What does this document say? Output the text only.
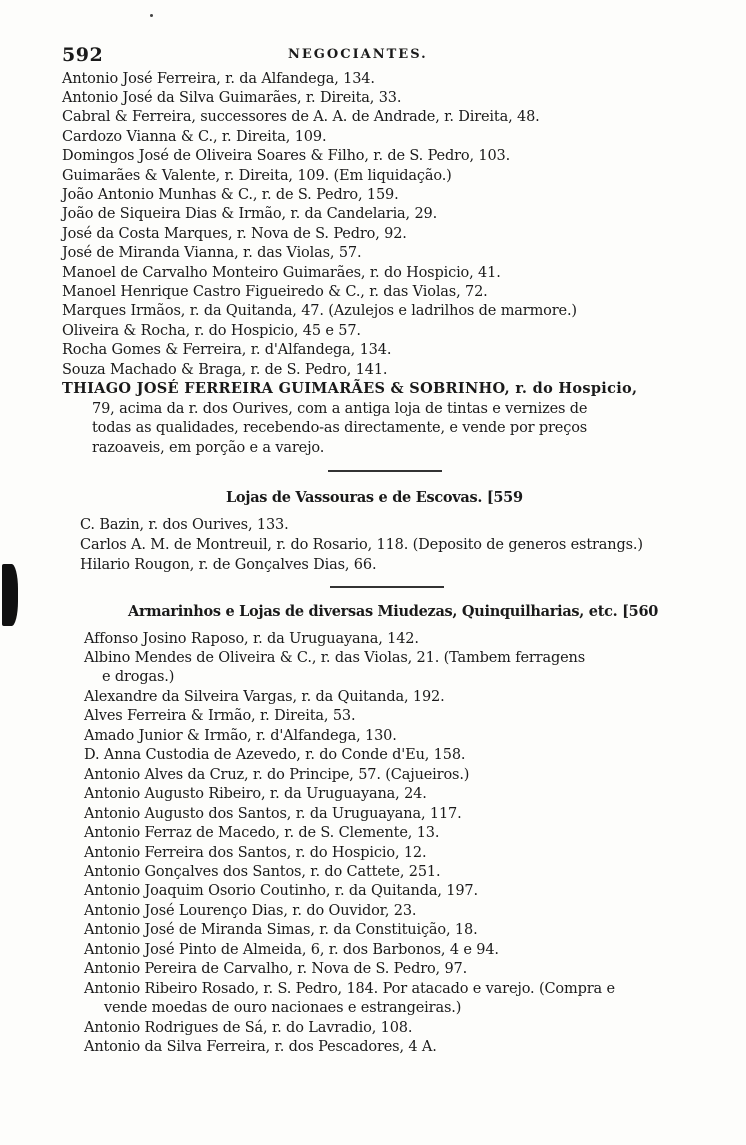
592	NEGOCIANTES.
Antonio José Ferreira, r. da Alfandega, 134.
Antonio José da Silva Guimarães, r. Direita, 33.
Cabral & Ferreira, successores de A. A. de Andrade, r. Direita, 48.
Cardozo Vianna & C., r. Direita, 109.
Domingos José de Oliveira Soares & Filho, r. de S. Pedro, 103.
Guimarães & Valente, r. Direita, 109. (Em liquidação.)
João Antonio Munhas & C., r. de S. Pedro, 159.
João de Siqueira Dias & Irmão, r. da Candelaria, 29.
José da Costa Marques, r. Nova de S. Pedro, 92.
José de Miranda Vianna, r. das Violas, 57.
Manoel de Carvalho Monteiro Guimarães, r. do Hospicio, 41.
Manoel Henrique Castro Figueiredo & C., r. das Violas, 72.
Marques Irmãos, r. da Quitanda, 47. (Azulejos e ladrilhos de marmore.)
Oliveira & Rocha, r. do Hospicio, 45 e 57.
Rocha Gomes & Ferreira, r. d'Alfandega, 134.
Souza Machado & Braga, r. de S. Pedro, 141.
THIAGO JOSÉ FERREIRA GUIMARÃES & SOBRINHO, r. do Hospicio,
79, acima da r. dos Ourives, com a antiga loja de tintas e vernizes de
todas as qualidades, recebendo-as directamente, e vende por preços
razoaveis, em porção e a varejo.
Lojas de Vassouras e de Escovas. [559
C. Bazin, r. dos Ourives, 133.
Carlos A. M. de Montreuil, r. do Rosario, 118. (Deposito de generos estrangs.)
Hilario Rougon, r. de Gonçalves Dias, 66.
Armarinhos e Lojas de diversas Miudezas, Quinquilharias, etc. [560
Affonso Josino Raposo, r. da Uruguayana, 142.
Albino Mendes de Oliveira & C., r. das Violas, 21. (Tambem ferragens
e drogas.)
Alexandre da Silveira Vargas, r. da Quitanda, 192.
Alves Ferreira & Irmão, r. Direita, 53.
Amado Junior & Irmão, r. d'Alfandega, 130.
D. Anna Custodia de Azevedo, r. do Conde d'Eu, 158.
Antonio Alves da Cruz, r. do Principe, 57. (Cajueiros.)
Antonio Augusto Ribeiro, r. da Uruguayana, 24.
Antonio Augusto dos Santos, r. da Uruguayana, 117.
Antonio Ferraz de Macedo, r. de S. Clemente, 13.
Antonio Ferreira dos Santos, r. do Hospicio, 12.
Antonio Gonçalves dos Santos, r. do Cattete, 251.
Antonio Joaquim Osorio Coutinho, r. da Quitanda, 197.
Antonio José Lourenço Dias, r. do Ouvidor, 23.
Antonio José de Miranda Simas, r. da Constituição, 18.
Antonio José Pinto de Almeida, 6, r. dos Barbonos, 4 e 94.
Antonio Pereira de Carvalho, r. Nova de S. Pedro, 97.
Antonio Ribeiro Rosado, r. S. Pedro, 184. Por atacado e varejo. (Compra e
vende moedas de ouro nacionaes e estrangeiras.)
Antonio Rodrigues de Sá, r. do Lavradio, 108.
Antonio da Silva Ferreira, r. dos Pescadores, 4 A.
